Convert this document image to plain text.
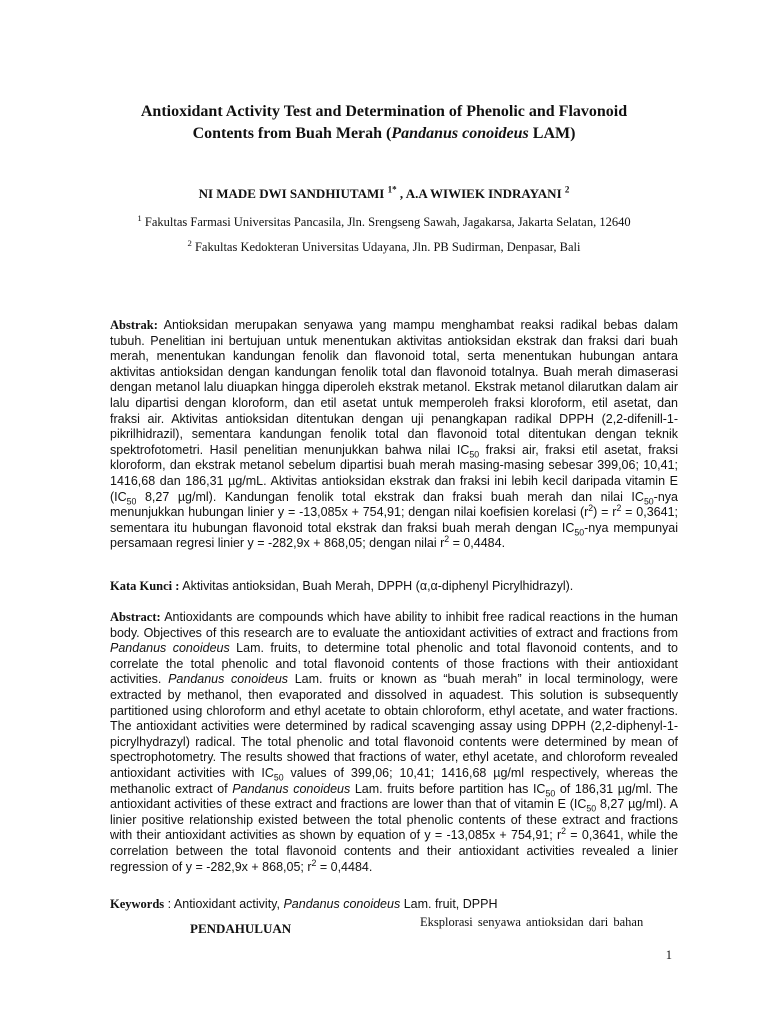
Antioxidant Activity Test and Determination of Phenolic and Flavonoid
Contents from Buah Merah (Pandanus conoideus LAM)
NI MADE DWI SANDHIUTAMI $^{1*}$ , A.A WIWIEK INDRAYANI $^2$
$^1$ Fakultas Farmasi Universitas Pancasila, Jln. Srengseng Sawah, Jagakarsa, Jakarta Selatan, 12640
$^2$ Fakultas Kedokteran Universitas Udayana, Jln. PB Sudirman, Denpasar, Bali
Abstrak: Antioksidan merupakan senyawa yang mampu menghambat reaksi radikal bebas dalam tubuh. Penelitian ini bertujuan untuk menentukan aktivitas antioksidan ekstrak dan fraksi dari buah merah, menentukan kandungan fenolik dan flavonoid total, serta menentukan hubungan antara aktivitas antioksidan dengan kandungan fenolik total dan flavonoid totalnya. Buah merah dimaserasi dengan metanol lalu diuapkan hingga diperoleh ekstrak metanol. Ekstrak metanol dilarutkan dalam air lalu dipartisi dengan kloroform, dan etil asetat untuk memperoleh fraksi kloroform, etil asetat, dan fraksi air. Aktivitas antioksidan ditentukan dengan uji penangkapan radikal DPPH (2,2-difenill-1- pikrilhidrazil), sementara kandungan fenolik total dan flavonoid total ditentukan dengan teknik spektrofotometri. Hasil penelitian menunjukkan bahwa nilai $IC_{50}$ fraksi air, fraksi etil asetat, fraksi kloroform, dan ekstrak metanol sebelum dipartisi buah merah masing-masing sebesar 399,06; 10,41; 1416,68 dan 186,31 µg/mL. Aktivitas antioksidan ekstrak dan fraksi ini lebih kecil daripada vitamin E ($IC_{50}$ 8,27 µg/ml). Kandungan fenolik total ekstrak dan fraksi buah merah dan nilai $IC_{50}$-nya menunjukkan hubungan linier y = -13,085x + 754,91; dengan nilai koefisien korelasi $(r^2) = r^2 = 0,3641$; sementara itu hubungan flavonoid total ekstrak dan fraksi buah merah dengan $IC_{50}$-nya mempunyai persamaan regresi linier y = -282,9x + 868,05; dengan nilai $r^2 = 0,4484$.
Kata Kunci : Aktivitas antioksidan, Buah Merah, DPPH (α,α-diphenyl Picrylhidrazyl).
Abstract: Antioxidants are compounds which have ability to inhibit free radical reactions in the human body. Objectives of this research are to evaluate the antioxidant activities of extract and fractions from Pandanus conoideus Lam. fruits, to determine total phenolic and total flavonoid contents, and to correlate the total phenolic and total flavonoid contents of those fractions with their antioxidant activities. Pandanus conoideus Lam. fruits or known as “buah merah” in local terminology, were extracted by methanol, then evaporated and dissolved in aquadest. This solution is subsequently partitioned using chloroform and ethyl acetate to obtain chloroform, ethyl acetate, and water fractions. The antioxidant activities were determined by radical scavenging assay using DPPH (2,2-diphenyl-1-picrylhydrazyl) radical. The total phenolic and total flavonoid contents were determined by mean of spectrophotometry. The results showed that fractions of water, ethyl acetate, and chloroform revealed antioxidant activities with $IC_{50}$ values of 399,06; 10,41; 1416,68 µg/ml respectively, whereas the methanolic extract of Pandanus conoideus Lam. fruits before partition has $IC_{50}$ of 186,31 µg/ml. The antioxidant activities of these extract and fractions are lower than that of vitamin E ($IC_{50}$ 8,27 µg/ml). A linier positive relationship existed between the total phenolic contents of these extract and fractions with their antioxidant activities as shown by equation of y = -13,085x + 754,91; $r^2 = 0,3641$, while the correlation between the total flavonoid contents and their antioxidant activities revealed a linier regression of y = -282,9x + 868,05; $r^2 = 0,4484$.
Keywords : Antioxidant activity, Pandanus conoideus Lam. fruit, DPPH
Eksplorasi senyawa antioksidan dari bahan
PENDAHULUAN
1
